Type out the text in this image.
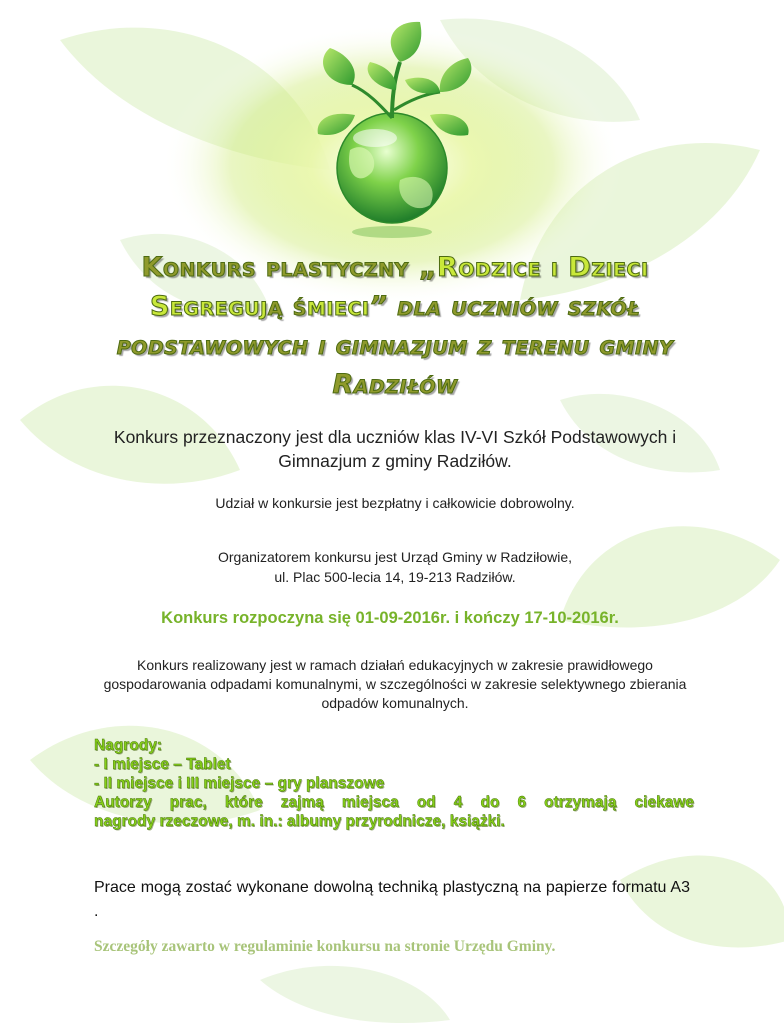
Konkurs plastyczny „Rodzice i Dzieci Segregują śmieci” dla uczniów szkół podstawowych i gimnazjum z terenu gminy Radziłów
Konkurs przeznaczony jest dla uczniów klas IV-VI Szkół Podstawowych i Gimnazjum z gminy Radziłów.
Udział w konkursie jest bezpłatny i całkowicie dobrowolny.
Organizatorem konkursu jest Urząd Gminy w Radziłowie,
ul. Plac 500-lecia 14, 19-213 Radziłów.
Konkurs rozpoczyna się 01-09-2016r. i kończy 17-10-2016r.
Konkurs realizowany jest w ramach działań edukacyjnych w zakresie prawidłowego gospodarowania odpadami komunalnymi, w szczególności w zakresie selektywnego zbierania odpadów komunalnych.
Nagrody:
- I miejsce – Tablet
- II miejsce i III miejsce – gry planszowe
Autorzy prac, które zajmą miejsca od 4 do 6 otrzymają ciekawe
nagrody rzeczowe, m. in.: albumy przyrodnicze, książki.
Prace mogą zostać wykonane dowolną techniką plastyczną na papierze formatu A3 .
Szczegóły zawarto w regulaminie konkursu na stronie Urzędu Gminy.
